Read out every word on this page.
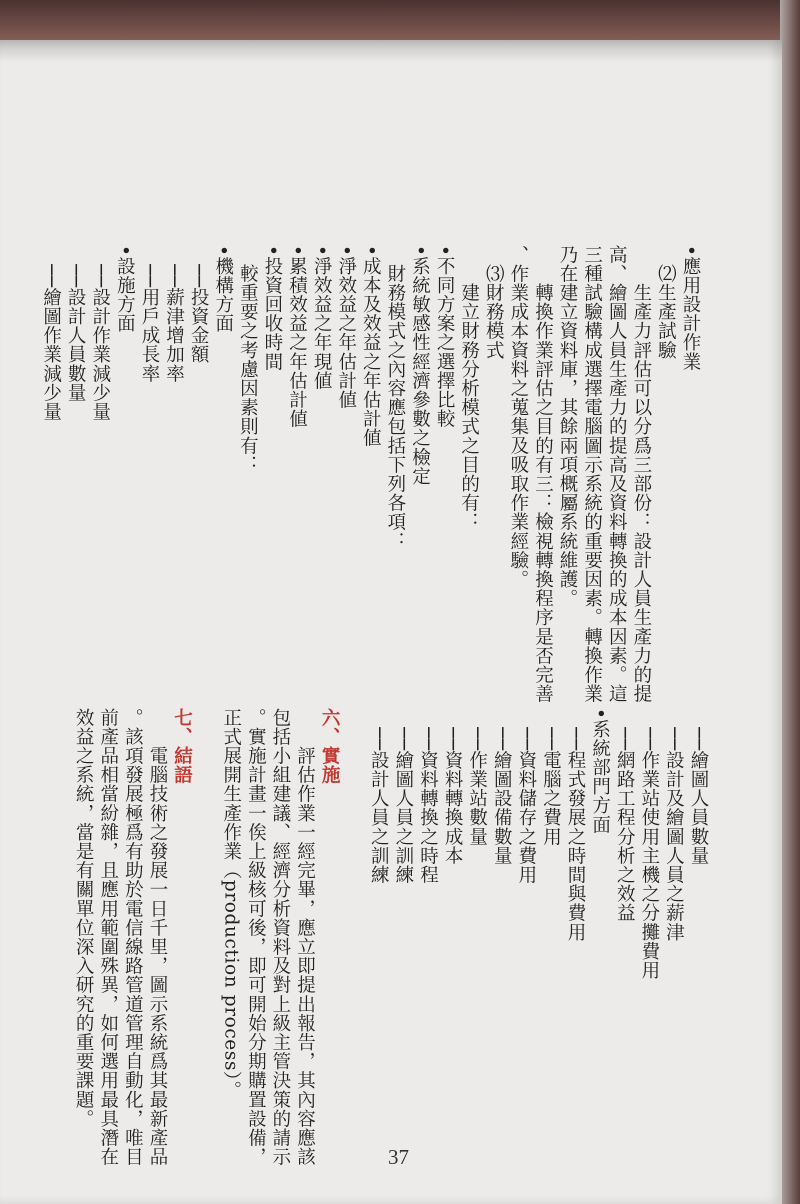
•應用設計作業
　⑵生產試驗
　　生產力評估可以分爲三部份：設計人員生產力的提
高、繪圖人員生產力的提高及資料轉換的成本因素。這
三種試驗構成選擇電腦圖示系統的重要因素。轉換作業
乃在建立資料庫，其餘兩項概屬系統維護。
　　轉換作業評估之目的有三：檢視轉換程序是否完善
、作業成本資料之蒐集及吸取作業經驗。
　⑶財務模式
　　建立財務分析模式之目的有：
•不同方案之選擇比較
•系統敏感性經濟參數之檢定
　財務模式之內容應包括下列各項：
•成本及效益之年估計値
•淨效益之年估計値
•淨效益之年現値
•累積效益之年估計値
•投資回收時間
　較重要之考慮因素則有：
•機構方面
　──投資金額
　──薪津增加率
　──用戶成長率
•設施方面
　──設計作業減少量
　──設計人員數量
　──繪圖作業減少量
　──繪圖人員數量
　──設計及繪圖人員之薪津
　──作業站使用主機之分攤費用
　──網路工程分析之效益
•系統部門方面
　──程式發展之時間與費用
　──電腦之費用
　──資料儲存之費用
　──繪圖設備數量
　──作業站數量
　──資料轉換成本
　──資料轉換之時程
　──繪圖人員之訓練
　──設計人員之訓練

六、實施
　　評估作業一經完畢，應立即提出報告，其內容應該
包括小組建議、經濟分析資料及對上級主管決策的請示
。實施計畫一俟上級核可後，即可開始分期購置設備，
正式展開生產作業（production process）。

七、結語
　　電腦技術之發展一日千里，圖示系統爲其最新產品
。該項發展極爲有助於電信線路管道管理自動化，唯目
前產品相當紛雜，且應用範圍殊異，如何選用最具潛在
效益之系統，當是有關單位深入研究的重要課題。
37
